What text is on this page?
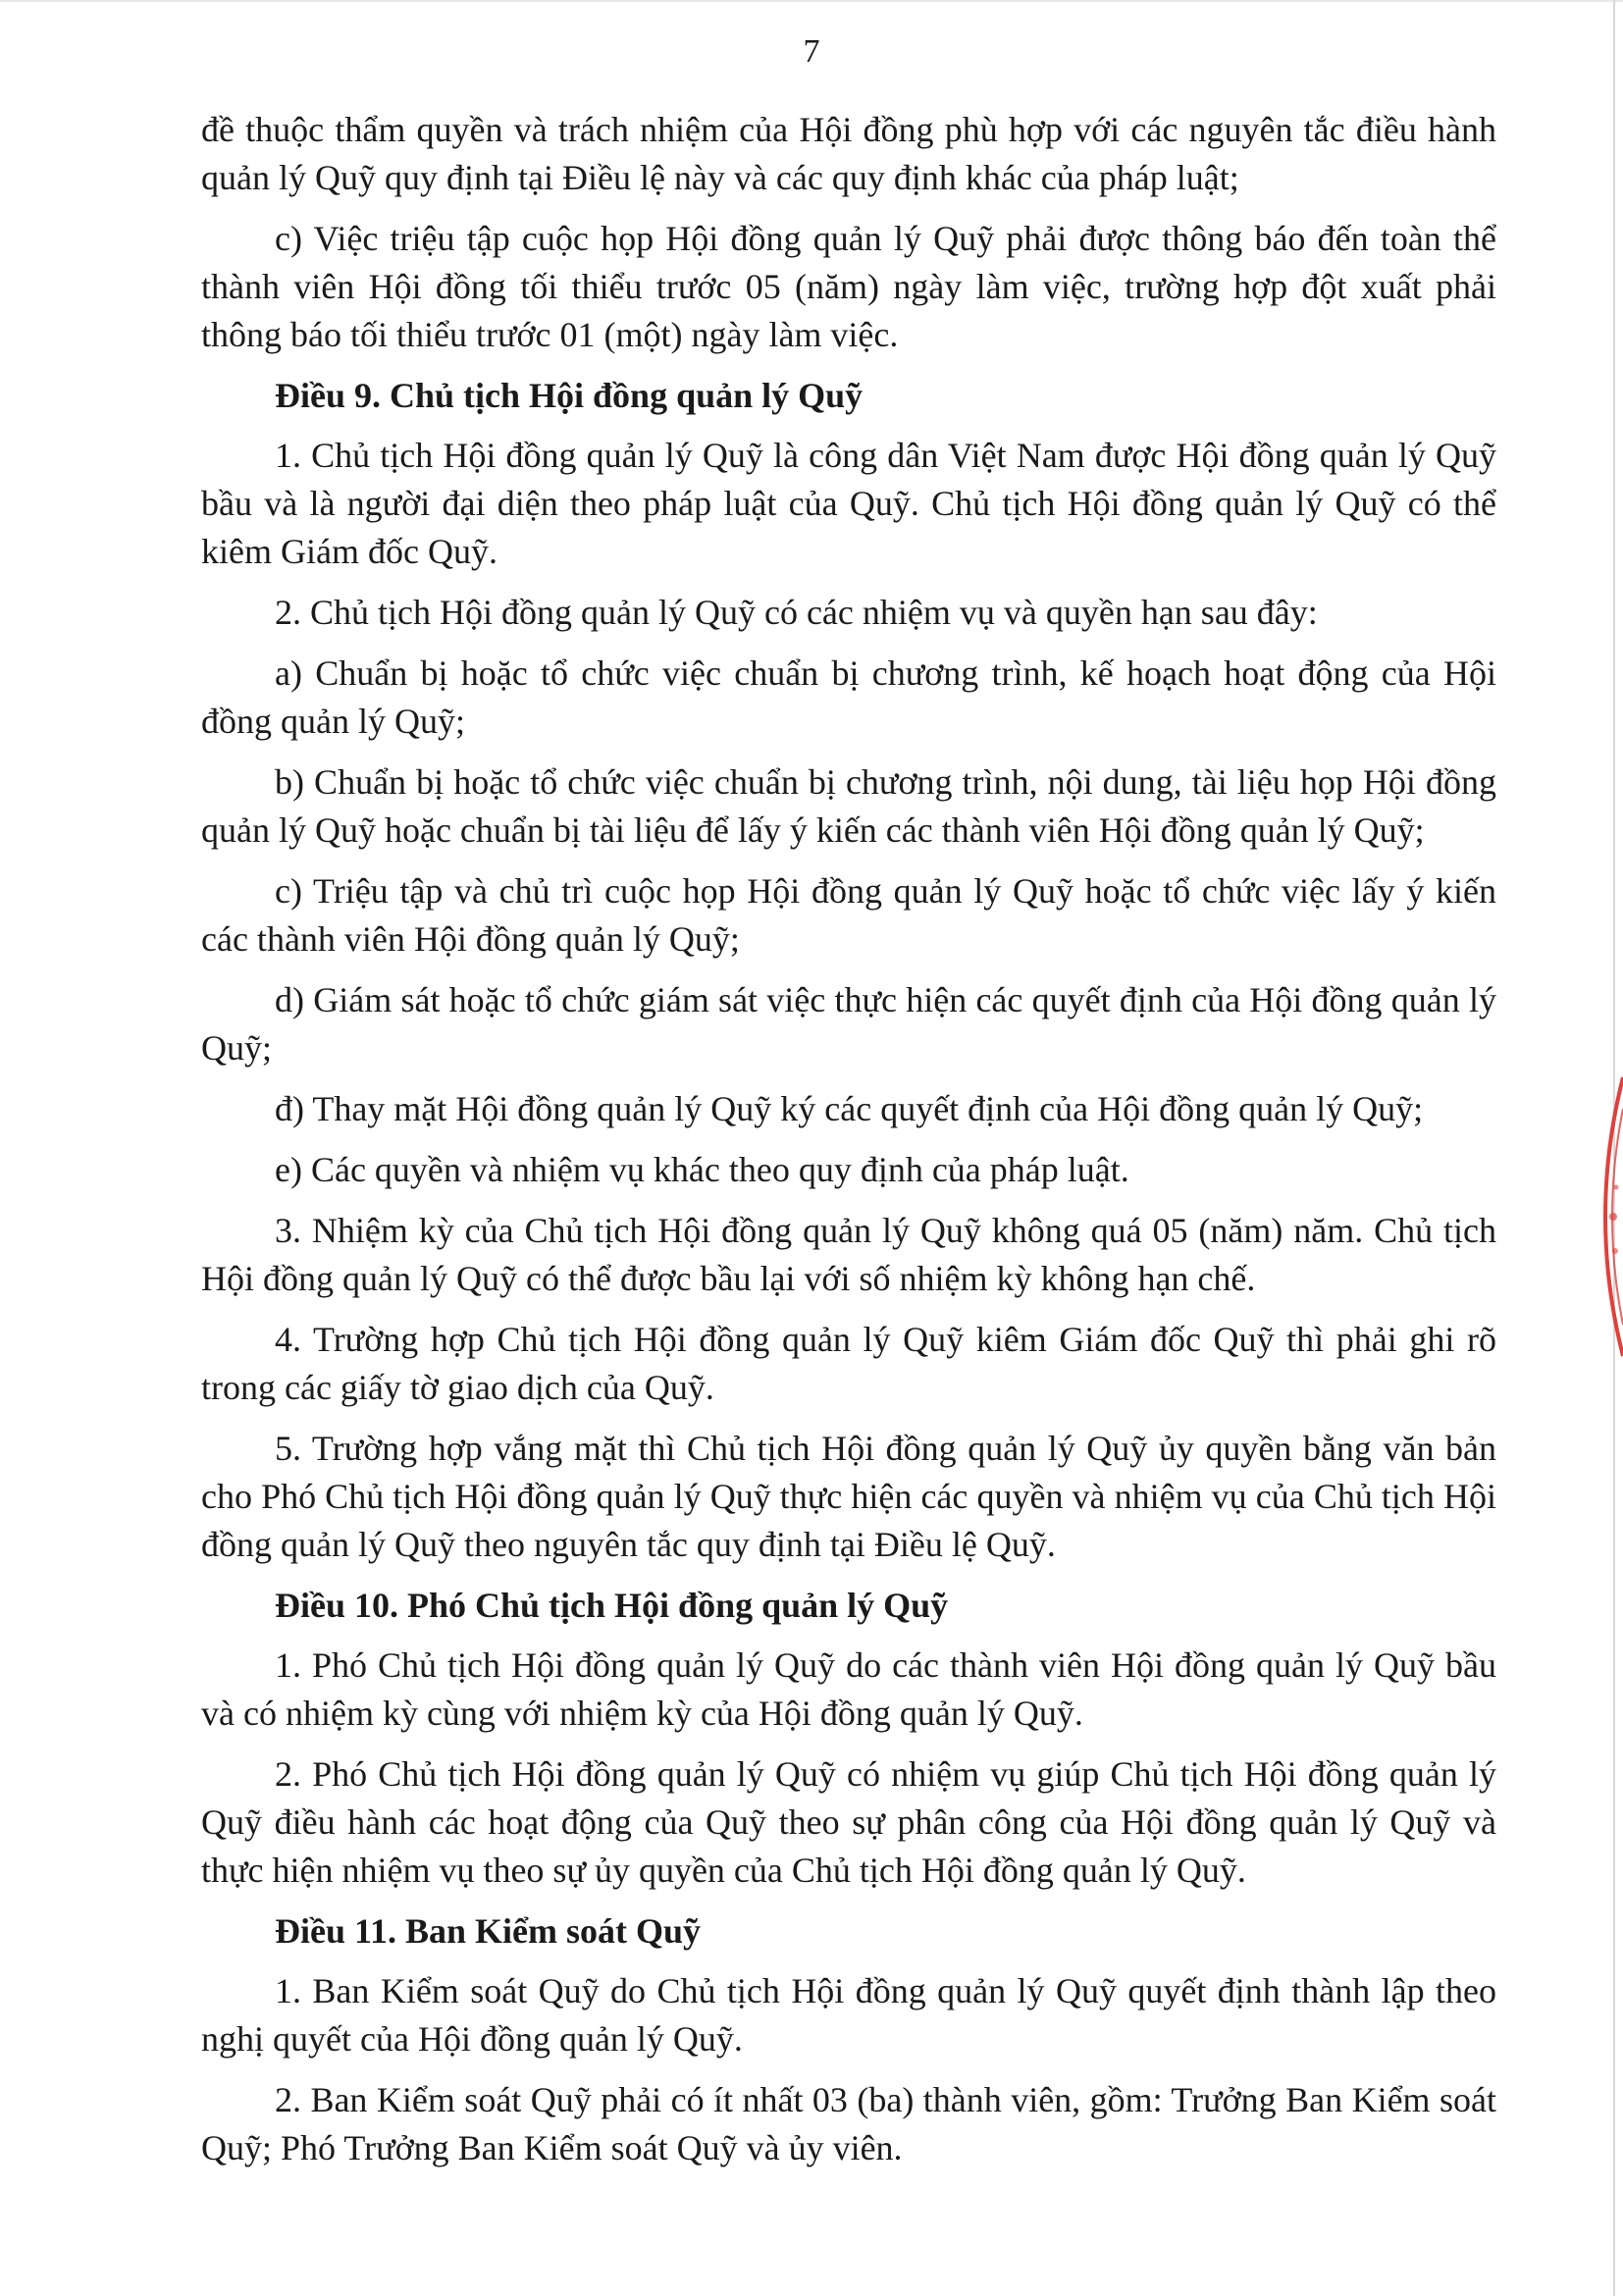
7

đề thuộc thẩm quyền và trách nhiệm của Hội đồng phù hợp với các nguyên tắc điều hành quản lý Quỹ quy định tại Điều lệ này và các quy định khác của pháp luật;

c) Việc triệu tập cuộc họp Hội đồng quản lý Quỹ phải được thông báo đến toàn thể thành viên Hội đồng tối thiểu trước 05 (năm) ngày làm việc, trường hợp đột xuất phải thông báo tối thiểu trước 01 (một) ngày làm việc.

Điều 9. Chủ tịch Hội đồng quản lý Quỹ

1. Chủ tịch Hội đồng quản lý Quỹ là công dân Việt Nam được Hội đồng quản lý Quỹ bầu và là người đại diện theo pháp luật của Quỹ. Chủ tịch Hội đồng quản lý Quỹ có thể kiêm Giám đốc Quỹ.

2. Chủ tịch Hội đồng quản lý Quỹ có các nhiệm vụ và quyền hạn sau đây:

a) Chuẩn bị hoặc tổ chức việc chuẩn bị chương trình, kế hoạch hoạt động của Hội đồng quản lý Quỹ;

b) Chuẩn bị hoặc tổ chức việc chuẩn bị chương trình, nội dung, tài liệu họp Hội đồng quản lý Quỹ hoặc chuẩn bị tài liệu để lấy ý kiến các thành viên Hội đồng quản lý Quỹ;

c) Triệu tập và chủ trì cuộc họp Hội đồng quản lý Quỹ hoặc tổ chức việc lấy ý kiến các thành viên Hội đồng quản lý Quỹ;

d) Giám sát hoặc tổ chức giám sát việc thực hiện các quyết định của Hội đồng quản lý Quỹ;

đ) Thay mặt Hội đồng quản lý Quỹ ký các quyết định của Hội đồng quản lý Quỹ;

e) Các quyền và nhiệm vụ khác theo quy định của pháp luật.

3. Nhiệm kỳ của Chủ tịch Hội đồng quản lý Quỹ không quá 05 (năm) năm. Chủ tịch Hội đồng quản lý Quỹ có thể được bầu lại với số nhiệm kỳ không hạn chế.

4. Trường hợp Chủ tịch Hội đồng quản lý Quỹ kiêm Giám đốc Quỹ thì phải ghi rõ trong các giấy tờ giao dịch của Quỹ.

5. Trường hợp vắng mặt thì Chủ tịch Hội đồng quản lý Quỹ ủy quyền bằng văn bản cho Phó Chủ tịch Hội đồng quản lý Quỹ thực hiện các quyền và nhiệm vụ của Chủ tịch Hội đồng quản lý Quỹ theo nguyên tắc quy định tại Điều lệ Quỹ.

Điều 10. Phó Chủ tịch Hội đồng quản lý Quỹ

1. Phó Chủ tịch Hội đồng quản lý Quỹ do các thành viên Hội đồng quản lý Quỹ bầu và có nhiệm kỳ cùng với nhiệm kỳ của Hội đồng quản lý Quỹ.

2. Phó Chủ tịch Hội đồng quản lý Quỹ có nhiệm vụ giúp Chủ tịch Hội đồng quản lý Quỹ điều hành các hoạt động của Quỹ theo sự phân công của Hội đồng quản lý Quỹ và thực hiện nhiệm vụ theo sự ủy quyền của Chủ tịch Hội đồng quản lý Quỹ.

Điều 11. Ban Kiểm soát Quỹ

1. Ban Kiểm soát Quỹ do Chủ tịch Hội đồng quản lý Quỹ quyết định thành lập theo nghị quyết của Hội đồng quản lý Quỹ.

2. Ban Kiểm soát Quỹ phải có ít nhất 03 (ba) thành viên, gồm: Trưởng Ban Kiểm soát Quỹ; Phó Trưởng Ban Kiểm soát Quỹ và ủy viên.
